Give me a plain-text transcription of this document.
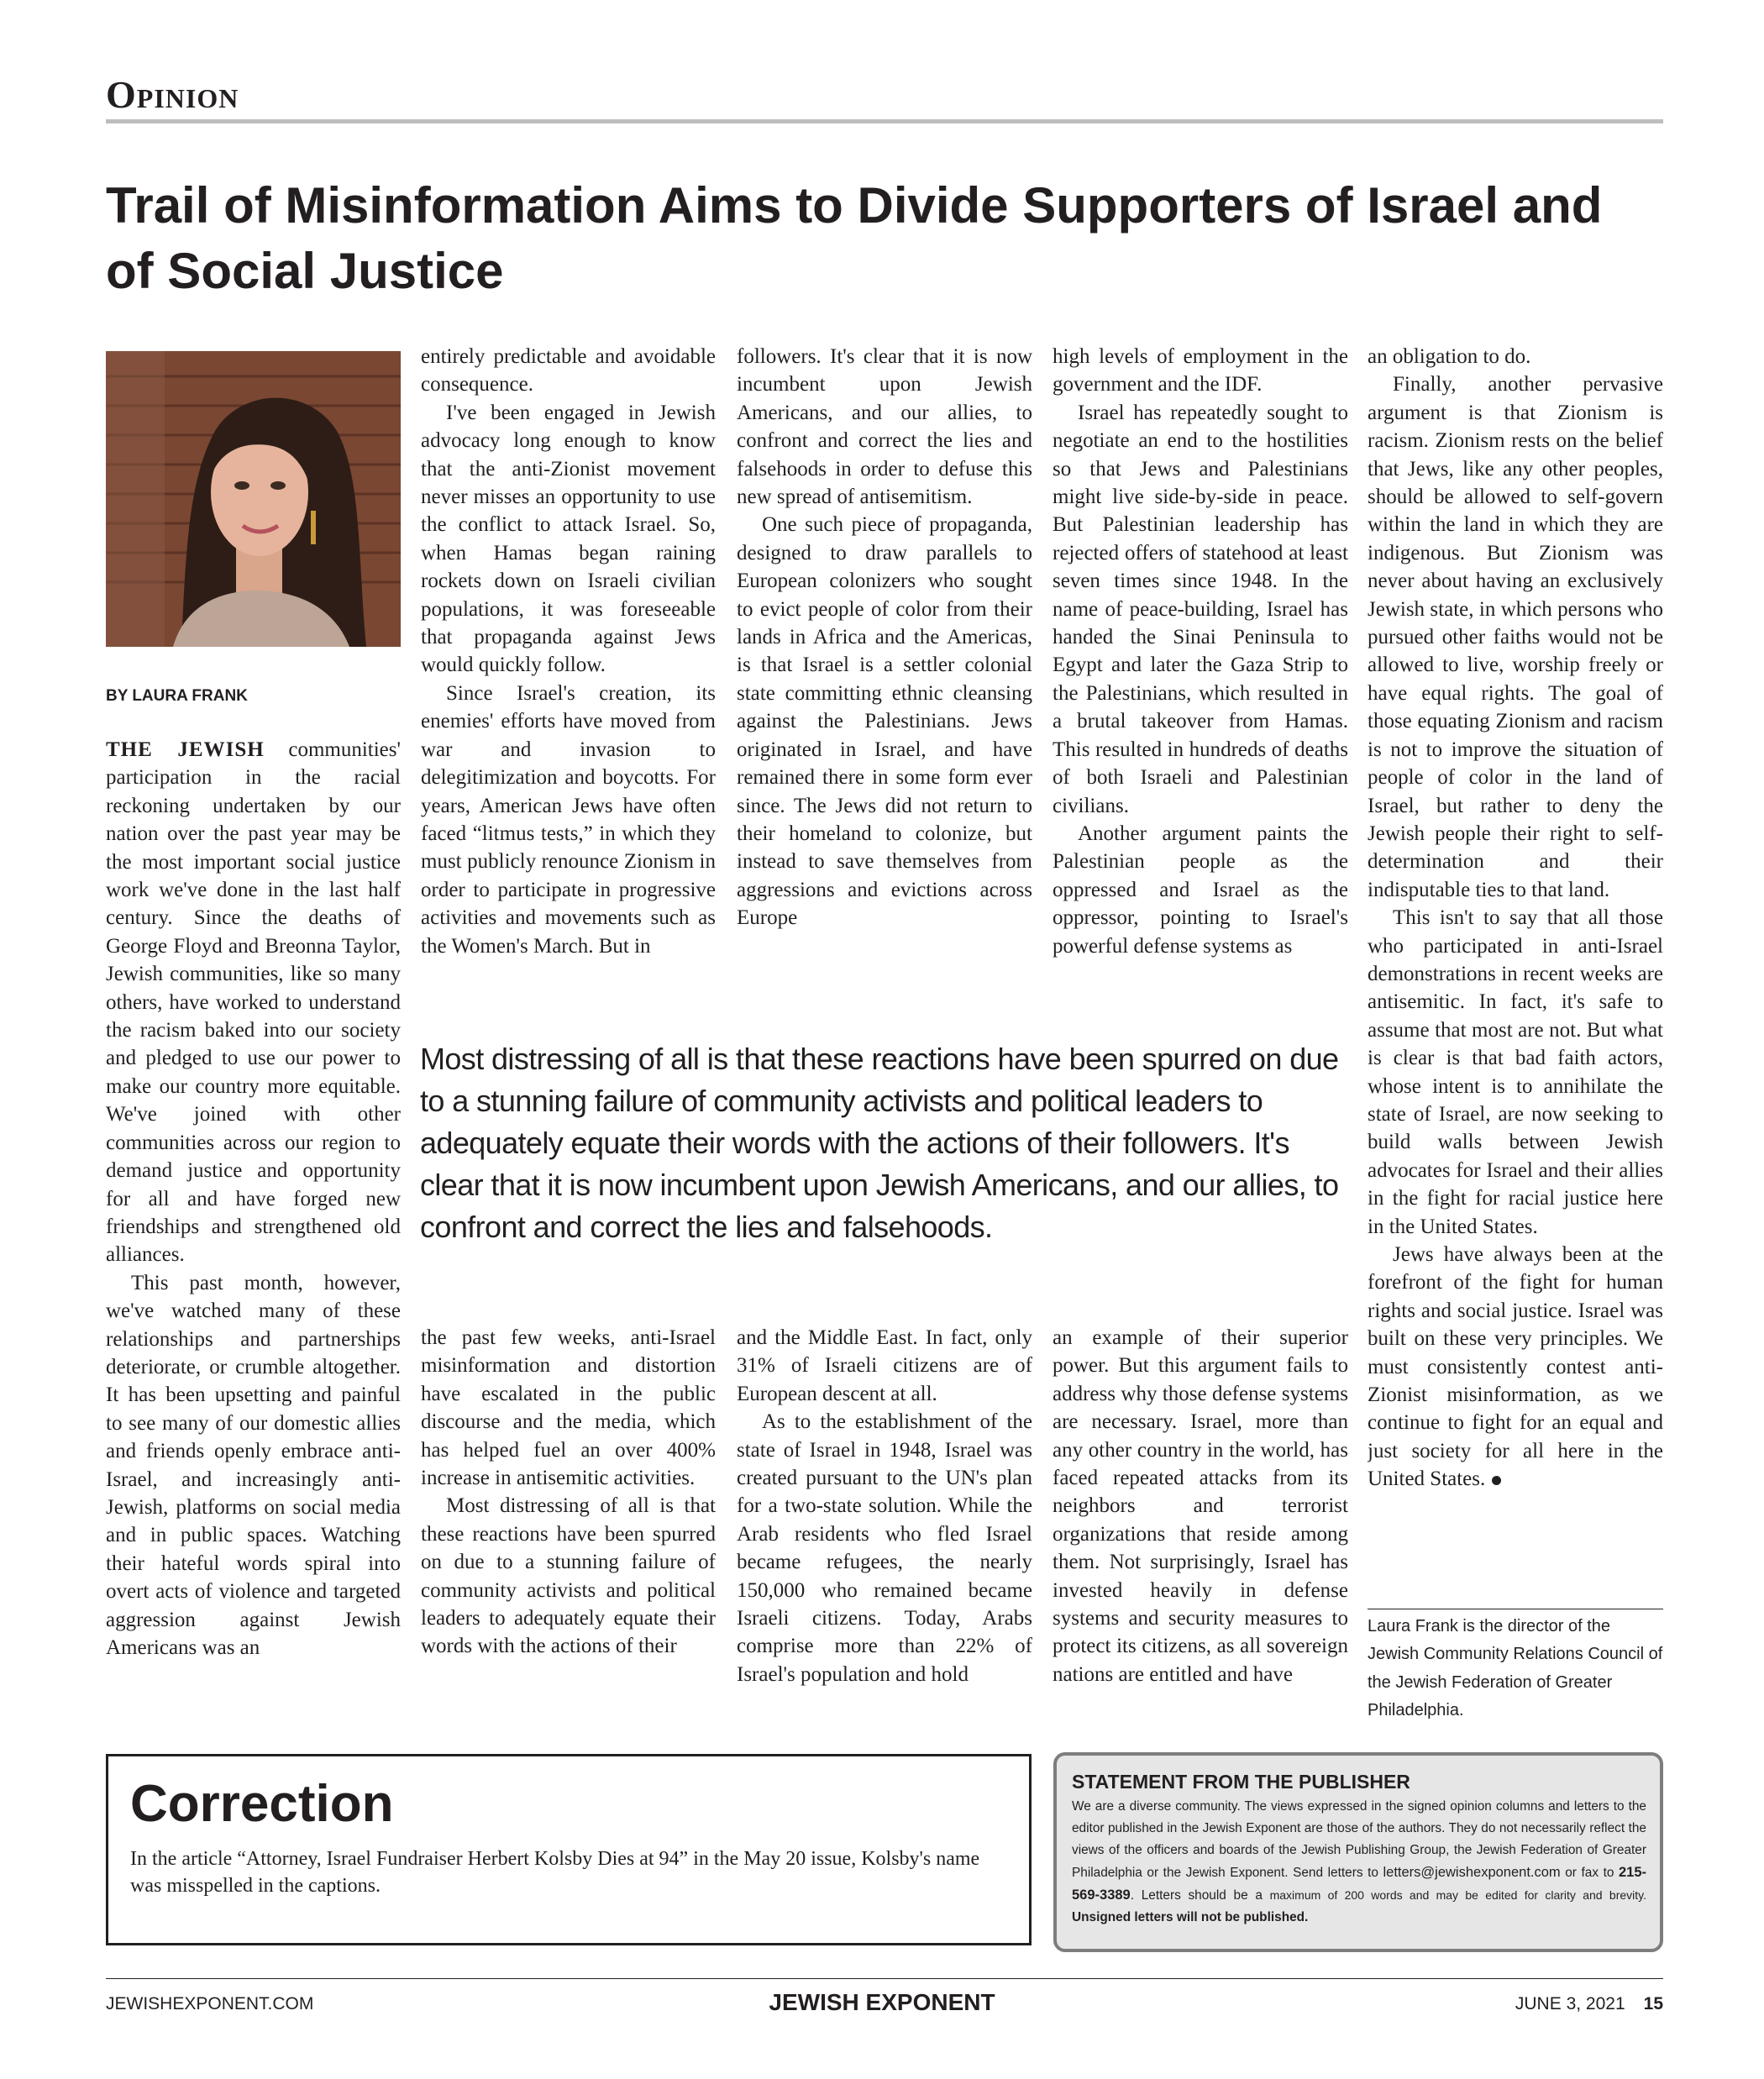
Opinion
Trail of Misinformation Aims to Divide Supporters of Israel and of Social Justice
BY LAURA FRANK

THE JEWISH communities' participation in the racial reckoning undertaken by our nation over the past year may be the most important social justice work we've done in the last half century. Since the deaths of George Floyd and Breonna Taylor, Jewish communities, like so many others, have worked to understand the racism baked into our society and pledged to use our power to make our country more equitable. We've joined with other communities across our region to demand justice and opportunity for all and have forged new friendships and strengthened old alliances.

This past month, however, we've watched many of these relationships and partnerships deteriorate, or crumble altogether. It has been upsetting and painful to see many of our domestic allies and friends openly embrace anti-Israel, and increasingly anti-Jewish, platforms on social media and in public spaces. Watching their hateful words spiral into overt acts of violence and targeted aggression against Jewish Americans was an

entirely predictable and avoidable consequence.

I've been engaged in Jewish advocacy long enough to know that the anti-Zionist movement never misses an opportunity to use the conflict to attack Israel. So, when Hamas began raining rockets down on Israeli civilian populations, it was foreseeable that propaganda against Jews would quickly follow.

Since Israel's creation, its enemies' efforts have moved from war and invasion to delegitimization and boycotts. For years, American Jews have often faced “litmus tests,” in which they must publicly renounce Zionism in order to participate in progressive activities and movements such as the Women's March. But in

followers. It's clear that it is now incumbent upon Jewish Americans, and our allies, to confront and correct the lies and falsehoods in order to defuse this new spread of antisemitism.

One such piece of propaganda, designed to draw parallels to European colonizers who sought to evict people of color from their lands in Africa and the Americas, is that Israel is a settler colonial state committing ethnic cleansing against the Palestinians. Jews originated in Israel, and have remained there in some form ever since. The Jews did not return to their homeland to colonize, but instead to save themselves from aggressions and evictions across Europe

high levels of employment in the government and the IDF.

Israel has repeatedly sought to negotiate an end to the hostilities so that Jews and Palestinians might live side-by-side in peace. But Palestinian leadership has rejected offers of statehood at least seven times since 1948. In the name of peace-building, Israel has handed the Sinai Peninsula to Egypt and later the Gaza Strip to the Palestinians, which resulted in a brutal takeover from Hamas. This resulted in hundreds of deaths of both Israeli and Palestinian civilians.

Another argument paints the Palestinian people as the oppressed and Israel as the oppressor, pointing to Israel's powerful defense systems as

an obligation to do.

Finally, another pervasive argument is that Zionism is racism. Zionism rests on the belief that Jews, like any other peoples, should be allowed to self-govern within the land in which they are indigenous. But Zionism was never about having an exclusively Jewish state, in which persons who pursued other faiths would not be allowed to live, worship freely or have equal rights. The goal of those equating Zionism and racism is not to improve the situation of people of color in the land of Israel, but rather to deny the Jewish people their right to self-determination and their indisputable ties to that land.

This isn't to say that all those who participated in anti-Israel demonstrations in recent weeks are antisemitic. In fact, it's safe to assume that most are not. But what is clear is that bad faith actors, whose intent is to annihilate the state of Israel, are now seeking to build walls between Jewish advocates for Israel and their allies in the fight for racial justice here in the United States.

Jews have always been at the forefront of the fight for human rights and social justice. Israel was built on these very principles. We must consistently contest anti-Zionist misinformation, as we continue to fight for an equal and just society for all here in the United States.

Most distressing of all is that these reactions have been spurred on due to a stunning failure of community activists and political leaders to adequately equate their words with the actions of their followers. It's clear that it is now incumbent upon Jewish Americans, and our allies, to confront and correct the lies and falsehoods.

the past few weeks, anti-Israel misinformation and distortion have escalated in the public discourse and the media, which has helped fuel an over 400% increase in antisemitic activities.

Most distressing of all is that these reactions have been spurred on due to a stunning failure of community activists and political leaders to adequately equate their words with the actions of their

and the Middle East. In fact, only 31% of Israeli citizens are of European descent at all.

As to the establishment of the state of Israel in 1948, Israel was created pursuant to the UN's plan for a two-state solution. While the Arab residents who fled Israel became refugees, the nearly 150,000 who remained became Israeli citizens. Today, Arabs comprise more than 22% of Israel's population and hold

an example of their superior power. But this argument fails to address why those defense systems are necessary. Israel, more than any other country in the world, has faced repeated attacks from its neighbors and terrorist organizations that reside among them. Not surprisingly, Israel has invested heavily in defense systems and security measures to protect its citizens, as all sovereign nations are entitled and have

Laura Frank is the director of the Jewish Community Relations Council of the Jewish Federation of Greater Philadelphia.
Correction
In the article “Attorney, Israel Fundraiser Herbert Kolsby Dies at 94” in the May 20 issue, Kolsby's name was misspelled in the captions.
STATEMENT FROM THE PUBLISHER
We are a diverse community. The views expressed in the signed opinion columns and letters to the editor published in the Jewish Exponent are those of the authors. They do not necessarily reflect the views of the officers and boards of the Jewish Publishing Group, the Jewish Federation of Greater Philadelphia or the Jewish Exponent. Send letters to letters@jewishexponent.com or fax to 215-569-3389. Letters should be a maximum of 200 words and may be edited for clarity and brevity. Unsigned letters will not be published.
JEWISHEXPONENT.COM	JEWISH EXPONENT	JUNE 3, 2021 15
